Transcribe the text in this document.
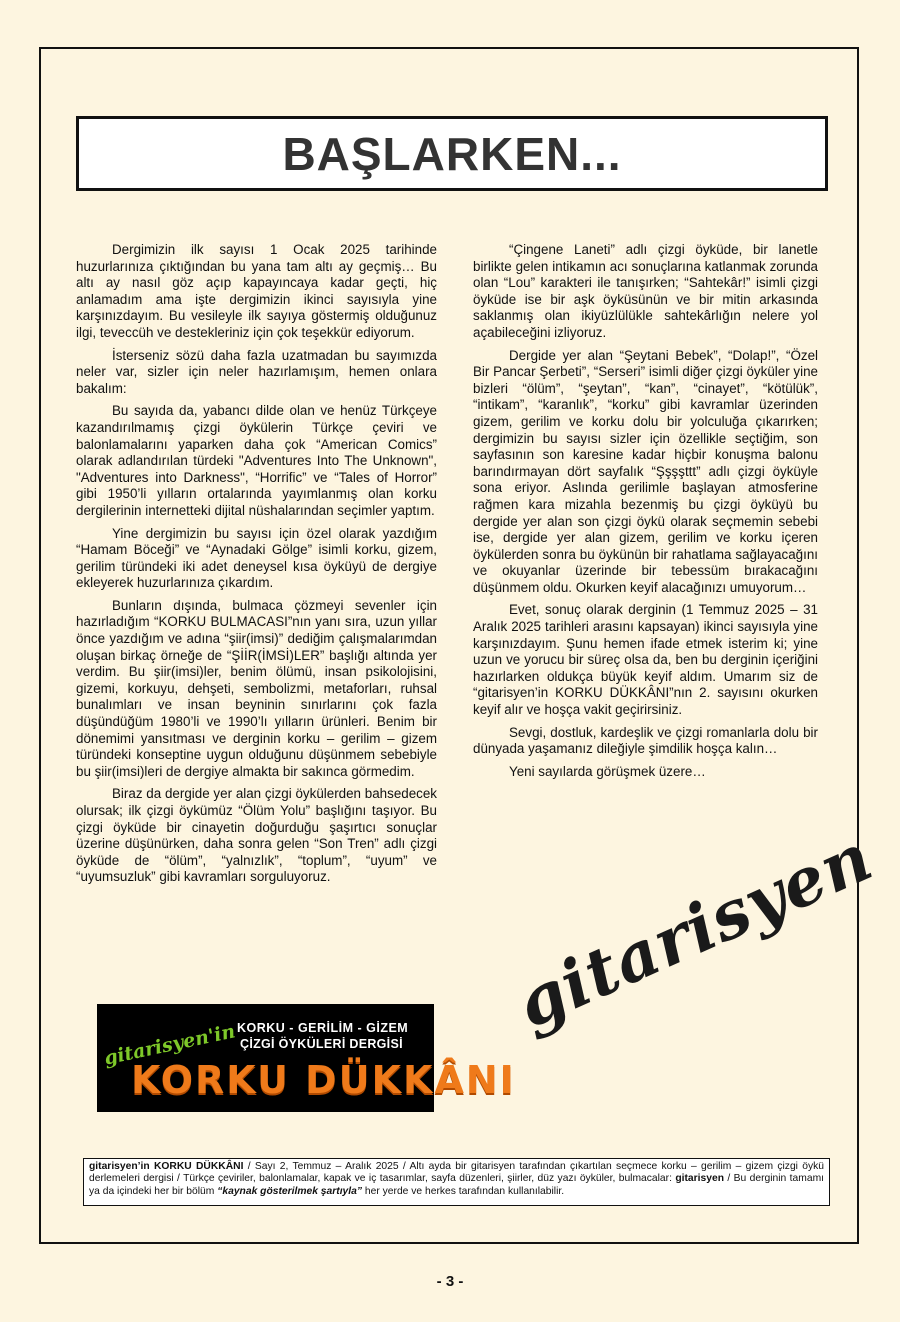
BAŞLARKEN...

Dergimizin ilk sayısı 1 Ocak 2025 tarihinde huzurlarınıza çıktığından bu yana tam altı ay geçmiş… Bu altı ay nasıl göz açıp kapayıncaya kadar geçti, hiç anlamadım ama işte dergimizin ikinci sayısıyla yine karşınızdayım. Bu vesileyle ilk sayıya göstermiş olduğunuz ilgi, teveccüh ve destekleriniz için çok teşekkür ediyorum.

İsterseniz sözü daha fazla uzatmadan bu sayımızda neler var, sizler için neler hazırlamışım, hemen onlara bakalım:

Bu sayıda da, yabancı dilde olan ve henüz Türkçeye kazandırılmamış çizgi öykülerin Türkçe çeviri ve balonlamalarını yaparken daha çok “American Comics” olarak adlandırılan türdeki "Adventures Into The Unknown", "Adventures into Darkness", “Horrific” ve “Tales of Horror” gibi 1950’li yılların ortalarında yayımlanmış olan korku dergilerinin internetteki dijital nüshalarından seçimler yaptım.

Yine dergimizin bu sayısı için özel olarak yazdığım “Hamam Böceği” ve “Aynadaki Gölge” isimli korku, gizem, gerilim türündeki iki adet deneysel kısa öyküyü de dergiye ekleyerek huzurlarınıza çıkardım.

Bunların dışında, bulmaca çözmeyi sevenler için hazırladığım “KORKU BULMACASI”nın yanı sıra, uzun yıllar önce yazdığım ve adına “şiir(imsi)” dediğim çalışmalarımdan oluşan birkaç örneğe de “ŞİİR(İMSİ)LER” başlığı altında yer verdim. Bu şiir(imsi)ler, benim ölümü, insan psikolojisini, gizemi, korkuyu, dehşeti, sembolizmi, metaforları, ruhsal bunalımları ve insan beyninin sınırlarını çok fazla düşündüğüm 1980’li ve 1990’lı yılların ürünleri. Benim bir dönemimi yansıtması ve derginin korku – gerilim – gizem türündeki konseptine uygun olduğunu düşünmem sebebiyle bu şiir(imsi)leri de dergiye almakta bir sakınca görmedim.

Biraz da dergide yer alan çizgi öykülerden bahsedecek olursak; ilk çizgi öykümüz “Ölüm Yolu” başlığını taşıyor. Bu çizgi öyküde bir cinayetin doğurduğu şaşırtıcı sonuçlar üzerine düşünürken, daha sonra gelen “Son Tren” adlı çizgi öyküde de “ölüm”, “yalnızlık”, “toplum”, “uyum” ve “uyumsuzluk” gibi kavramları sorguluyoruz.

“Çingene Laneti” adlı çizgi öyküde, bir lanetle birlikte gelen intikamın acı sonuçlarına katlanmak zorunda olan “Lou” karakteri ile tanışırken; “Sahtekâr!” isimli çizgi öyküde ise bir aşk öyküsünün ve bir mitin arkasında saklanmış olan ikiyüzlülükle sahtekârlığın nelere yol açabileceğini izliyoruz.

Dergide yer alan “Şeytani Bebek”, “Dolap!”, “Özel Bir Pancar Şerbeti”, “Serseri” isimli diğer çizgi öyküler yine bizleri “ölüm”, “şeytan”, “kan”, “cinayet”, “kötülük”, “intikam”, “karanlık”, “korku” gibi kavramlar üzerinden gizem, gerilim ve korku dolu bir yolculuğa çıkarırken; dergimizin bu sayısı sizler için özellikle seçtiğim, son sayfasının son karesine kadar hiçbir konuşma balonu barındırmayan dört sayfalık “Şşşşttt” adlı çizgi öyküyle sona eriyor. Aslında gerilimle başlayan atmosferine rağmen kara mizahla bezenmiş bu çizgi öyküyü bu dergide yer alan son çizgi öykü olarak seçmemin sebebi ise, dergide yer alan gizem, gerilim ve korku içeren öykülerden sonra bu öykünün bir rahatlama sağlayacağını ve okuyanlar üzerinde bir tebessüm bırakacağını düşünmem oldu. Okurken keyif alacağınızı umuyorum…

Evet, sonuç olarak derginin (1 Temmuz 2025 – 31 Aralık 2025 tarihleri arasını kapsayan) ikinci sayısıyla yine karşınızdayım. Şunu hemen ifade etmek isterim ki; yine uzun ve yorucu bir süreç olsa da, ben bu derginin içeriğini hazırlarken oldukça büyük keyif aldım. Umarım siz de “gitarisyen’in KORKU DÜKKÂNI”nın 2. sayısını okurken keyif alır ve hoşça vakit geçirirsiniz.

Sevgi, dostluk, kardeşlik ve çizgi romanlarla dolu bir dünyada yaşamanız dileğiyle şimdilik hoşça kalın…

Yeni sayılarda görüşmek üzere…

gitarisyen
gitarisyen'in KORKU - GERİLİM - GİZEM
ÇİZGİ ÖYKÜLERİ DERGİSİ
KORKU DÜKKÂNI
gitarisyen’in KORKU DÜKKÂNI / Sayı 2, Temmuz – Aralık 2025 / Altı ayda bir gitarisyen tarafından çıkartılan seçmece korku – gerilim – gizem çizgi öykü derlemeleri dergisi / Türkçe çeviriler, balonlamalar, kapak ve iç tasarımlar, sayfa düzenleri, şiirler, düz yazı öyküler, bulmacalar: gitarisyen / Bu derginin tamamı ya da içindeki her bir bölüm “kaynak gösterilmek şartıyla” her yerde ve herkes tarafından kullanılabilir.
- 3 -
